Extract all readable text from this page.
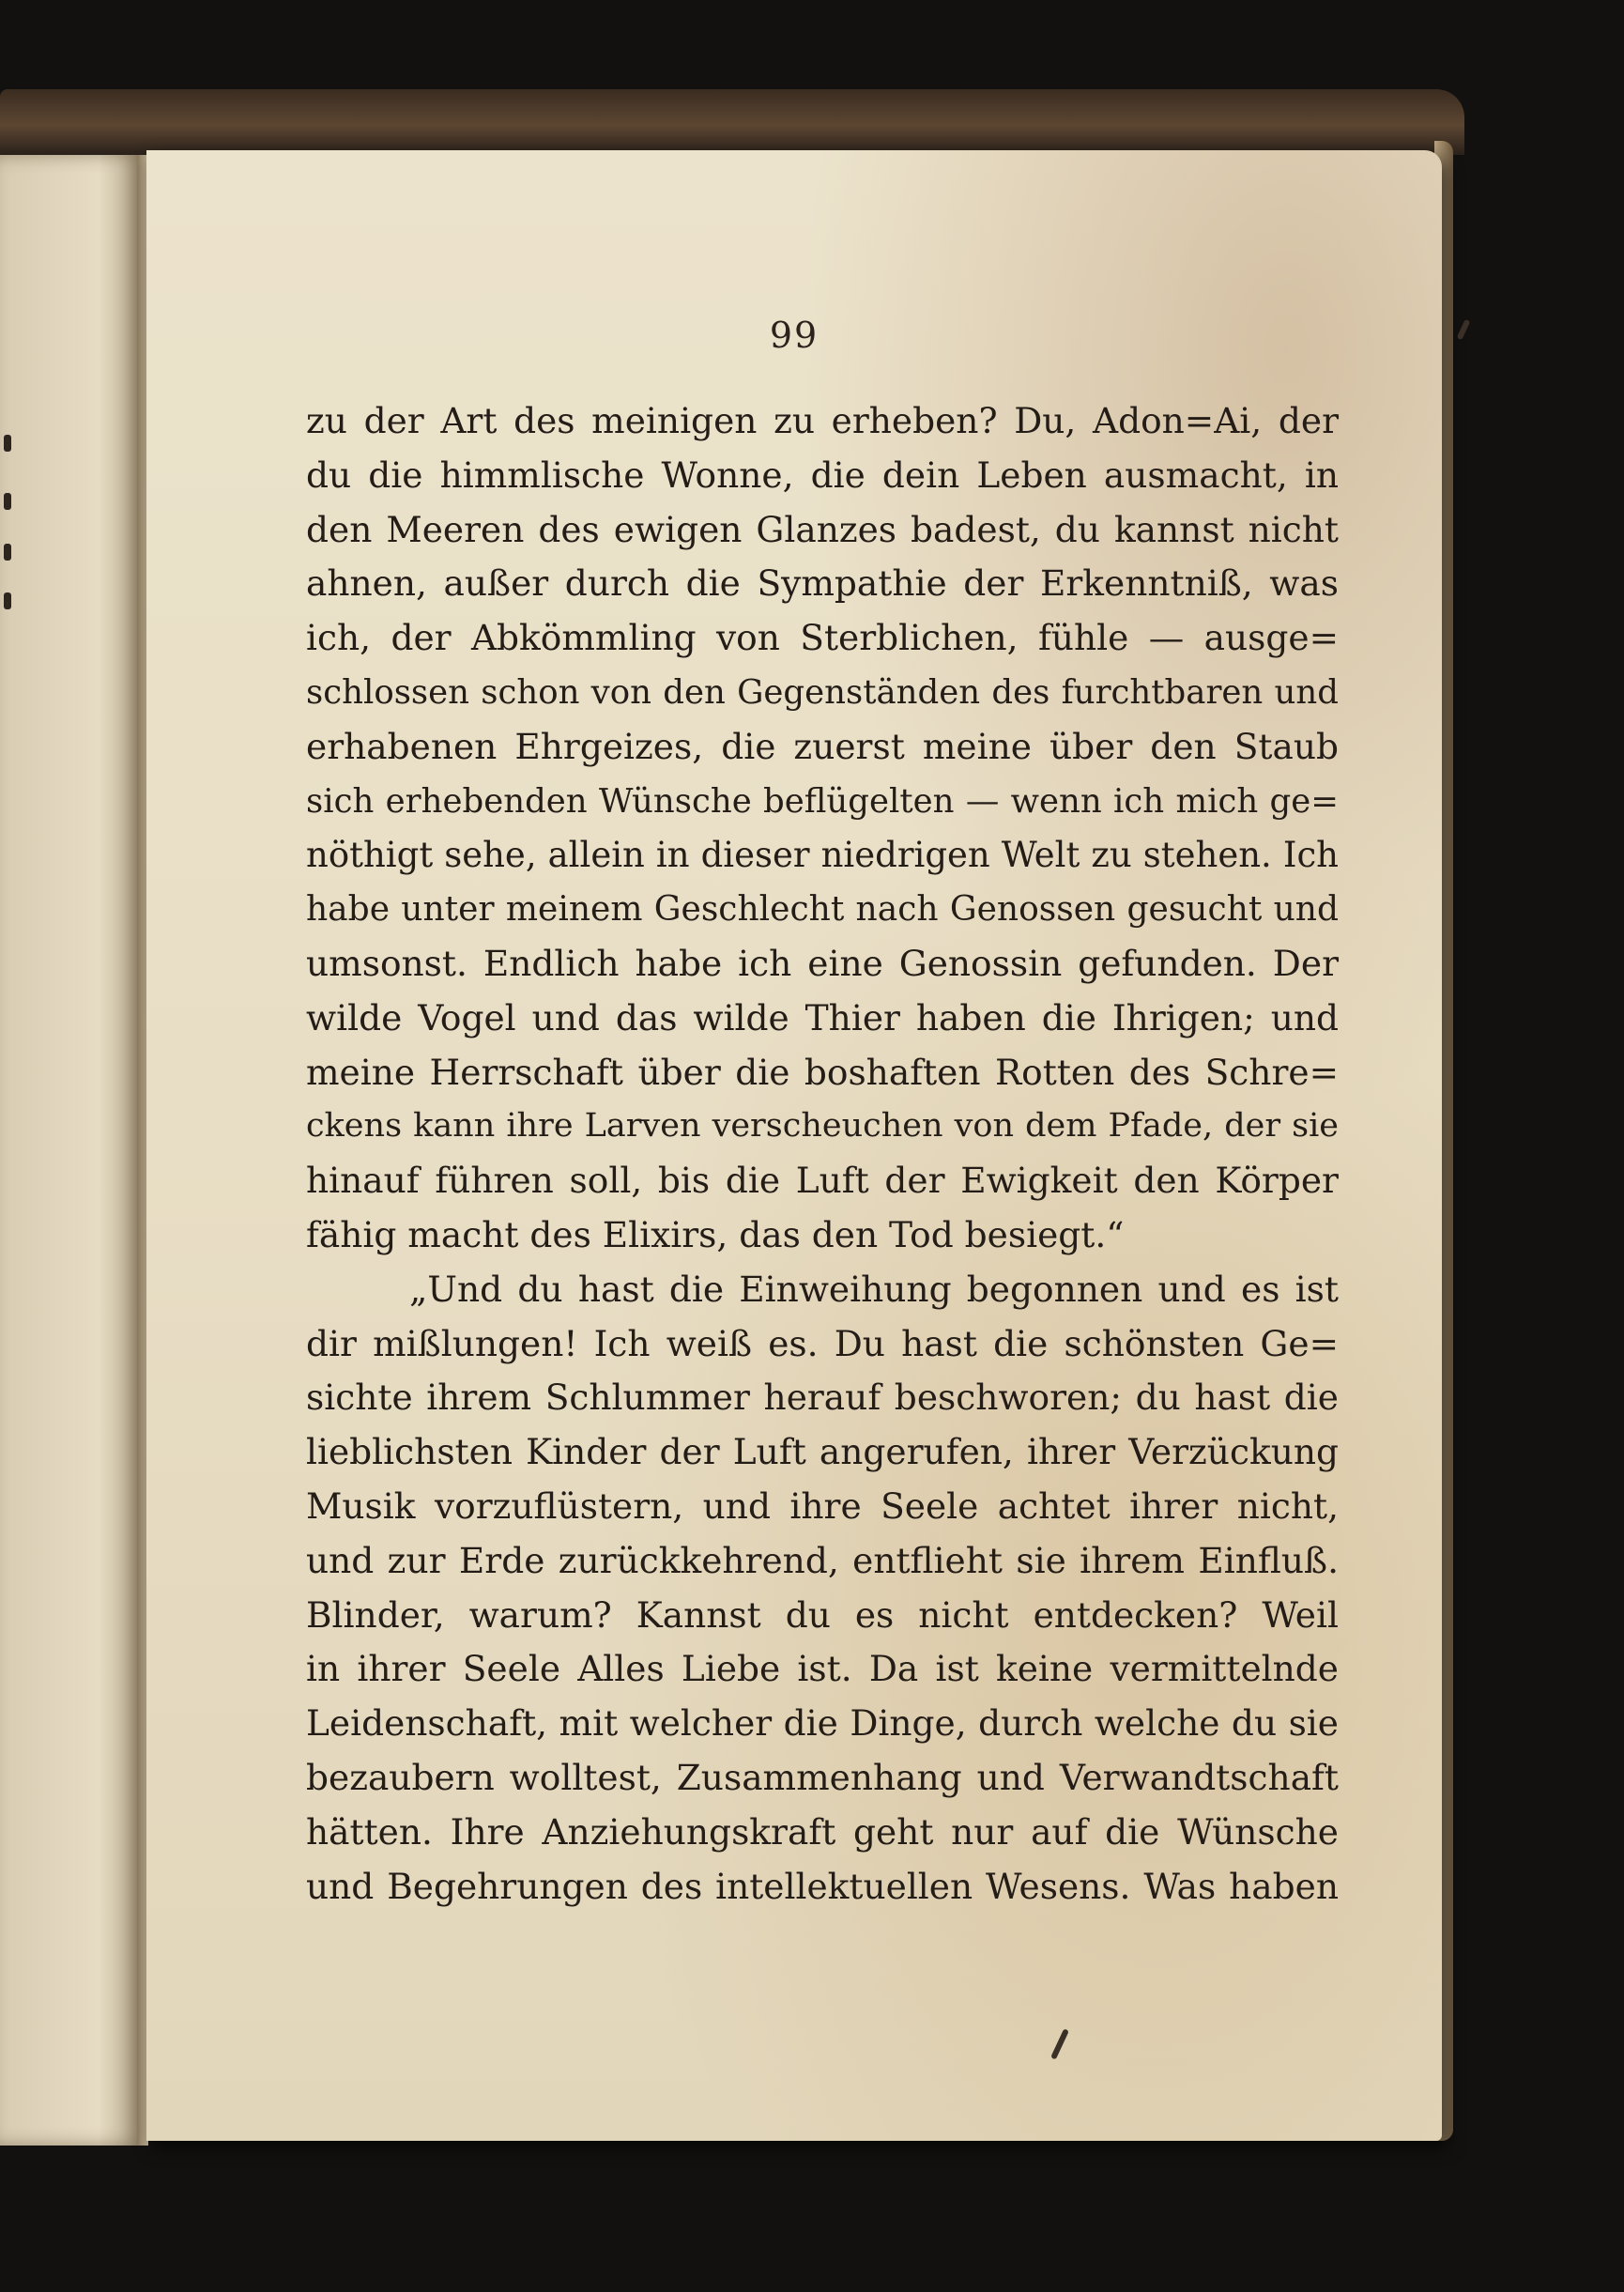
99
zu der Art des meinigen zu erheben? Du, Adon=Ai, der
du die himmlische Wonne, die dein Leben ausmacht, in
den Meeren des ewigen Glanzes badest, du kannst nicht
ahnen, außer durch die Sympathie der Erkenntniß, was
ich, der Abkömmling von Sterblichen, fühle — ausge=
schlossen schon von den Gegenständen des furchtbaren und
erhabenen Ehrgeizes, die zuerst meine über den Staub
sich erhebenden Wünsche beflügelten — wenn ich mich ge=
nöthigt sehe, allein in dieser niedrigen Welt zu stehen. Ich
habe unter meinem Geschlecht nach Genossen gesucht und
umsonst. Endlich habe ich eine Genossin gefunden. Der
wilde Vogel und das wilde Thier haben die Ihrigen; und
meine Herrschaft über die boshaften Rotten des Schre=
ckens kann ihre Larven verscheuchen von dem Pfade, der sie
hinauf führen soll, bis die Luft der Ewigkeit den Körper
fähig macht des Elixirs, das den Tod besiegt.“
„Und du hast die Einweihung begonnen und es ist
dir mißlungen! Ich weiß es. Du hast die schönsten Ge=
sichte ihrem Schlummer herauf beschworen; du hast die
lieblichsten Kinder der Luft angerufen, ihrer Verzückung
Musik vorzuflüstern, und ihre Seele achtet ihrer nicht,
und zur Erde zurückkehrend, entflieht sie ihrem Einfluß.
Blinder, warum? Kannst du es nicht entdecken? Weil
in ihrer Seele Alles Liebe ist. Da ist keine vermittelnde
Leidenschaft, mit welcher die Dinge, durch welche du sie
bezaubern wolltest, Zusammenhang und Verwandtschaft
hätten. Ihre Anziehungskraft geht nur auf die Wünsche
und Begehrungen des intellektuellen Wesens. Was haben
